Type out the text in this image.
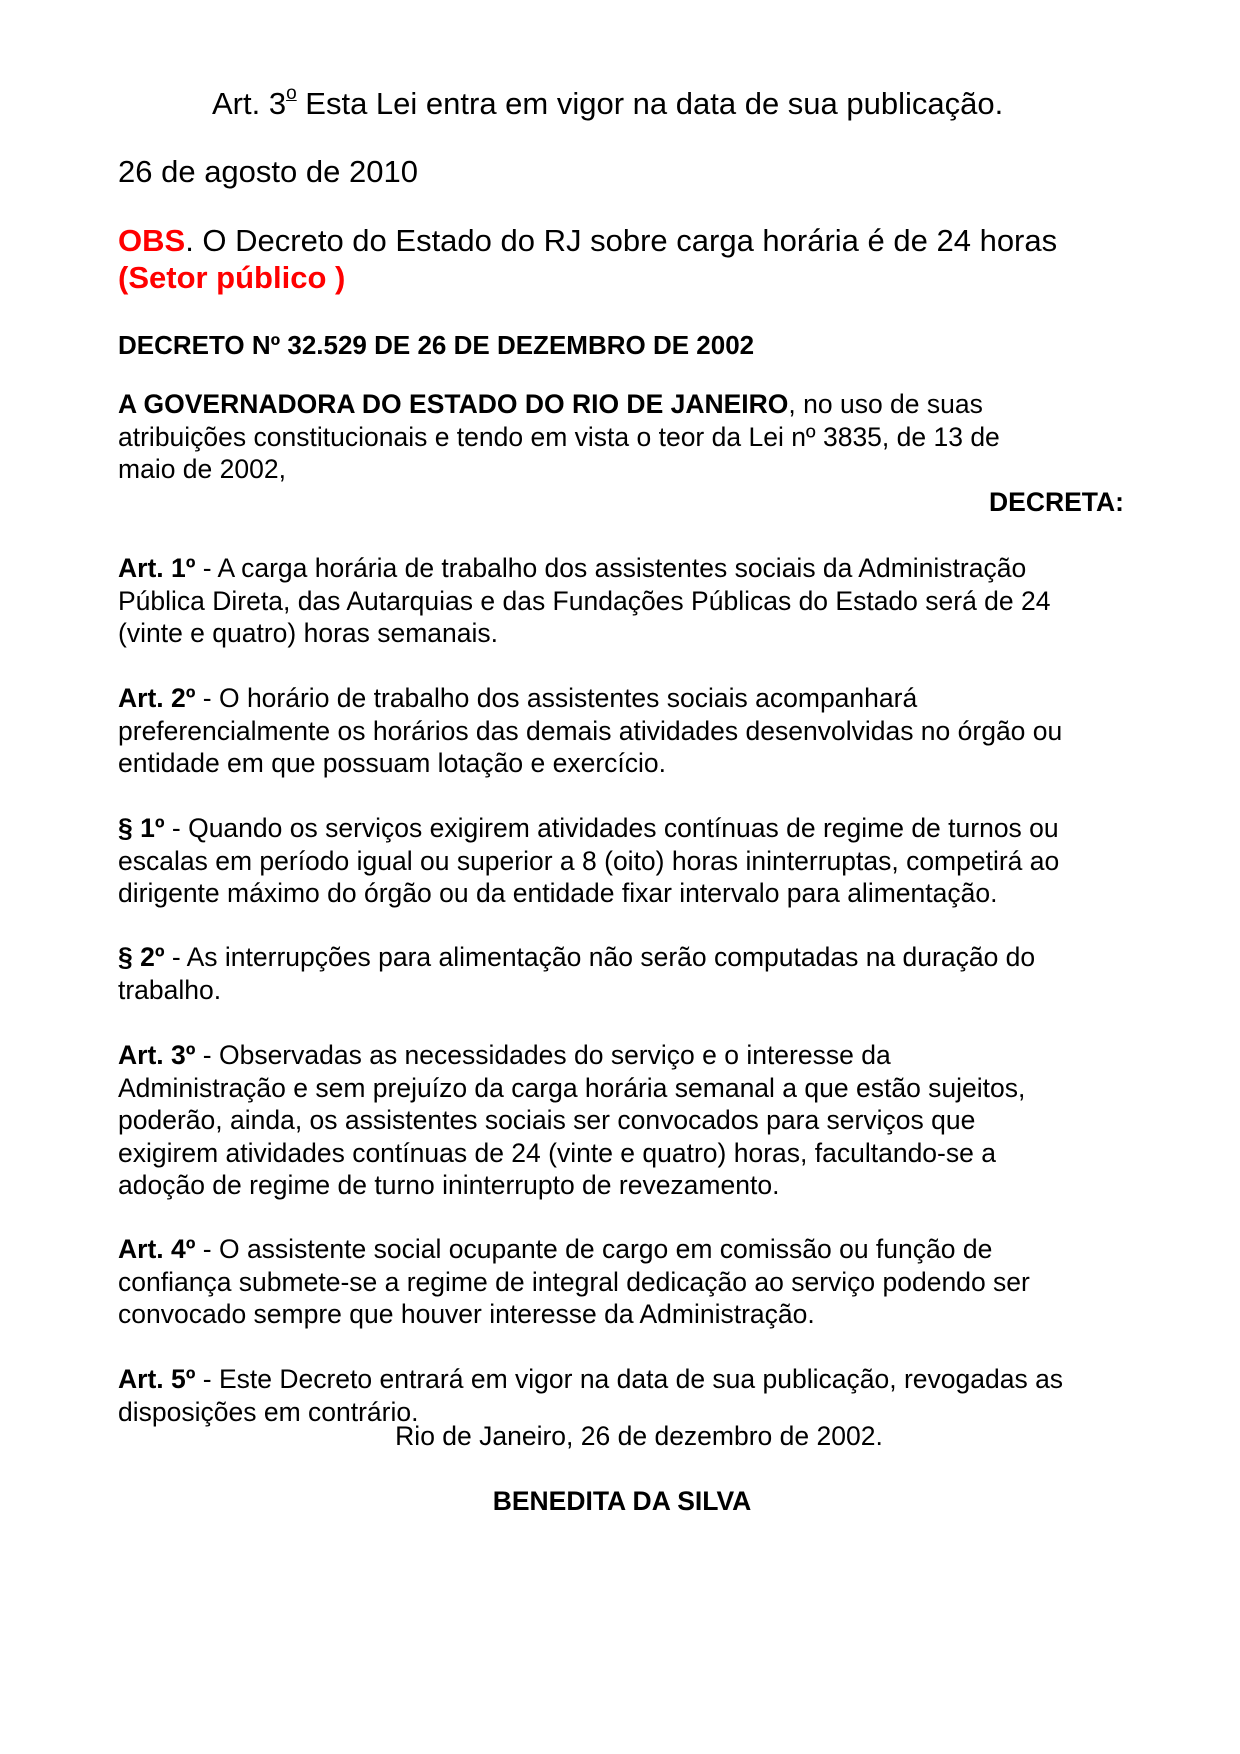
Art. 3$^o$ Esta Lei entra em vigor na data de sua publicação.
26 de agosto de 2010
OBS. O Decreto do Estado do RJ sobre carga horária é de 24 horas (Setor público )
DECRETO Nº 32.529 DE 26 DE DEZEMBRO DE 2002
A GOVERNADORA DO ESTADO DO RIO DE JANEIRO, no uso de suas
atribuições constitucionais e tendo em vista o teor da Lei nº 3835, de 13 de
maio de 2002,
DECRETA:
Art. 1º - A carga horária de trabalho dos assistentes sociais da Administração
Pública Direta, das Autarquias e das Fundações Públicas do Estado será de 24
(vinte e quatro) horas semanais.
Art. 2º - O horário de trabalho dos assistentes sociais acompanhará
preferencialmente os horários das demais atividades desenvolvidas no órgão ou
entidade em que possuam lotação e exercício.
§ 1º - Quando os serviços exigirem atividades contínuas de regime de turnos ou
escalas em período igual ou superior a 8 (oito) horas ininterruptas, competirá ao
dirigente máximo do órgão ou da entidade fixar intervalo para alimentação.
§ 2º - As interrupções para alimentação não serão computadas na duração do
trabalho.
Art. 3º - Observadas as necessidades do serviço e o interesse da
Administração e sem prejuízo da carga horária semanal a que estão sujeitos,
poderão, ainda, os assistentes sociais ser convocados para serviços que
exigirem atividades contínuas de 24 (vinte e quatro) horas, facultando-se a
adoção de regime de turno ininterrupto de revezamento.
Art. 4º - O assistente social ocupante de cargo em comissão ou função de
confiança submete-se a regime de integral dedicação ao serviço podendo ser
convocado sempre que houver interesse da Administração.
Art. 5º - Este Decreto entrará em vigor na data de sua publicação, revogadas as
disposições em contrário.
Rio de Janeiro, 26 de dezembro de 2002.
BENEDITA DA SILVA
